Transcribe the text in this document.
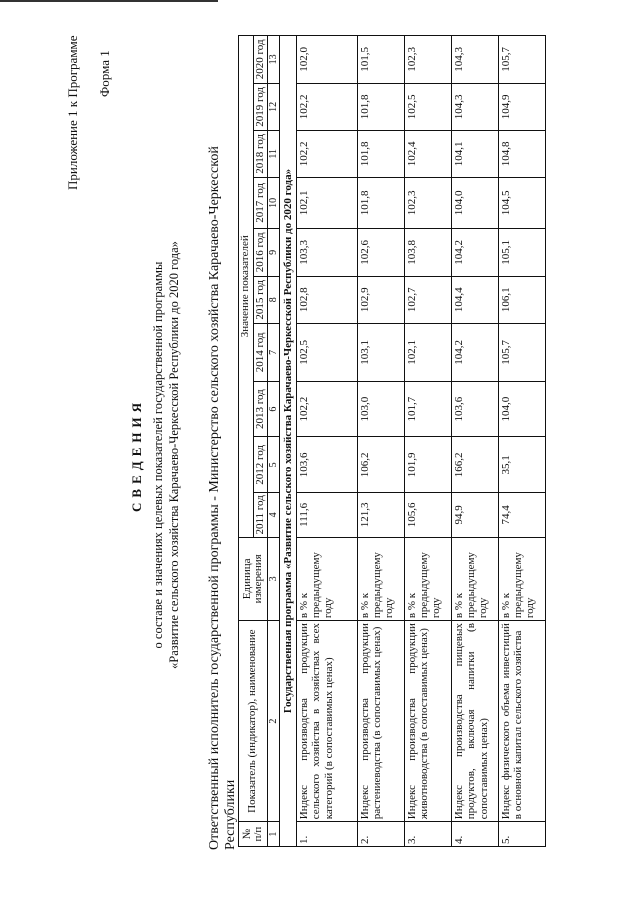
Приложение 1 к Программе Форма 1
СВЕДЕНИЯ о составе и значениях целевых показателей государственной программы «Развитие сельского хозяйства Карачаево-Черкесской Республики до 2020 года» Ответственный исполнитель государственной программы - Министерство сельского хозяйства Карачаево-Черкесской Республики № п/п	Показатель (индикатор), наименование	Единица измерения	Значение показателей									
			2011 год	2012 год	2013 год	2014 год	2015 год	2016 год	2017 год	2018 год	2019 год	2020 год
1	2	3	4	5	6	7	8	9	10	11	12	13
Государственная программа «Развитие сельского хозяйства Карачаево-Черкесской Республики до 2020 года»												
1.	Индекс производства продукции сельского хозяйства в хозяйствах всех категорий (в сопоставимых ценах)	в % к предыдущему году	111,6	103,6	102,2	102,5	102,8	103,3	102,1	102,2	102,2	102,0
2.	Индекс производства продукции растениеводства (в сопоставимых ценах)	в % к предыдущему году	121,3	106,2	103,0	103,1	102,9	102,6	101,8	101,8	101,8	101,5
3.	Индекс производства продукции животноводства (в сопоставимых ценах)	в % к предыдущему году	105,6	101,9	101,7	102,1	102,7	103,8	102,3	102,4	102,5	102,3
4.	Индекс производства пищевых продуктов, включая напитки (в сопоставимых ценах)	в % к предыдущему году	94,9	166,2	103,6	104,2	104,4	104,2	104,0	104,1	104,3	104,3
5.	Индекс физического объема инвестиций в основной капитал сельского хозяйства	в % к предыдущему году	74,4	35,1	104,0	105,7	106,1	105,1	104,5	104,8	104,9	105,7
